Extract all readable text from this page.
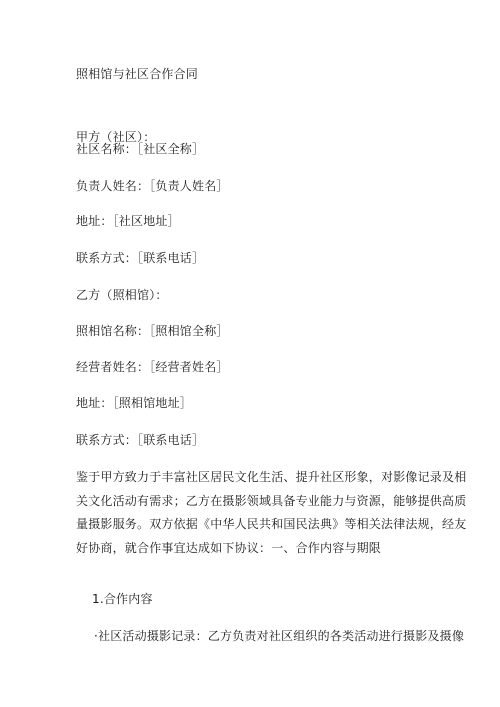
照相馆与社区合作合同
甲方（社区）：
社区名称：［社区全称］
负责人姓名：［负责人姓名］
地址：［社区地址］
联系方式：［联系电话］
乙方（照相馆）：
照相馆名称：［照相馆全称］
经营者姓名：［经营者姓名］
地址：［照相馆地址］
联系方式：［联系电话］
鉴于甲方致力于丰富社区居民文化生活、提升社区形象，对影像记录及相
关文化活动有需求；乙方在摄影领域具备专业能力与资源，能够提供高质
量摄影服务。双方依据《中华人民共和国民法典》等相关法律法规，经友
好协商，就合作事宜达成如下协议：一、合作内容与期限
1.合作内容
·社区活动摄影记录：乙方负责对社区组织的各类活动进行摄影及摄像
